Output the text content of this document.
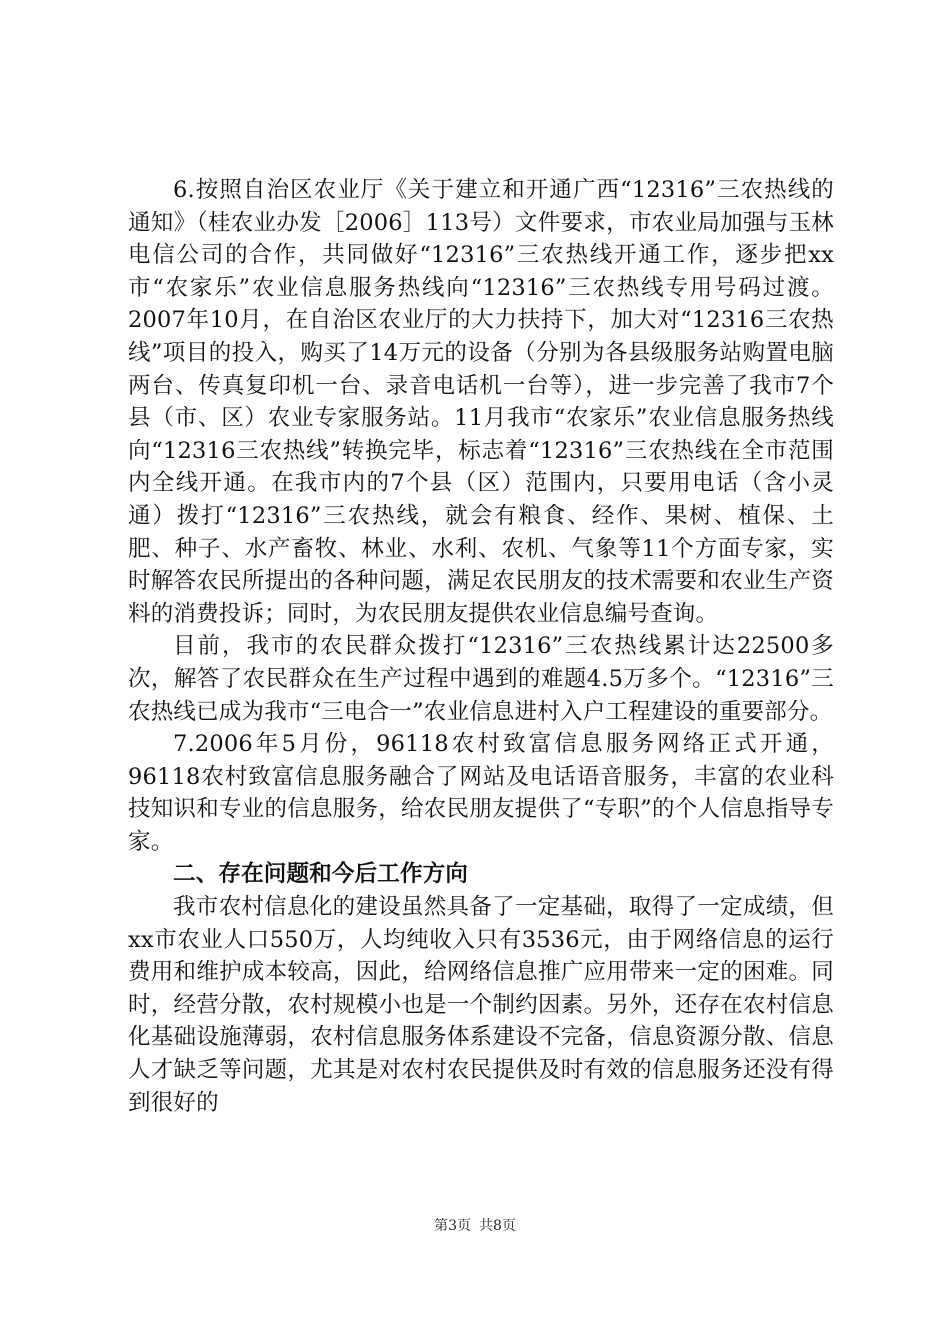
6.按照自治区农业厅《关于建立和开通广西“12316”三农热线的通知》（桂农业办发［2006］113号）文件要求，市农业局加强与玉林电信公司的合作，共同做好“12316”三农热线开通工作，逐步把xx市“农家乐”农业信息服务热线向“12316”三农热线专用号码过渡。2007年10月，在自治区农业厅的大力扶持下，加大对“12316三农热线”项目的投入，购买了14万元的设备（分别为各县级服务站购置电脑两台、传真复印机一台、录音电话机一台等），进一步完善了我市7个县（市、区）农业专家服务站。11月我市“农家乐”农业信息服务热线向“12316三农热线”转换完毕，标志着“12316”三农热线在全市范围内全线开通。在我市内的7个县（区）范围内，只要用电话（含小灵通）拨打“12316”三农热线，就会有粮食、经作、果树、植保、土肥、种子、水产畜牧、林业、水利、农机、气象等11个方面专家，实时解答农民所提出的各种问题，满足农民朋友的技术需要和农业生产资料的消费投诉；同时，为农民朋友提供农业信息编号查询。

目前，我市的农民群众拨打“12316”三农热线累计达22500多次，解答了农民群众在生产过程中遇到的难题4.5万多个。“12316”三农热线已成为我市“三电合一”农业信息进村入户工程建设的重要部分。

7.2006年5月份，96118农村致富信息服务网络正式开通，96118农村致富信息服务融合了网站及电话语音服务，丰富的农业科技知识和专业的信息服务，给农民朋友提供了“专职”的个人信息指导专家。

二、存在问题和今后工作方向

我市农村信息化的建设虽然具备了一定基础，取得了一定成绩，但xx市农业人口550万，人均纯收入只有3536元，由于网络信息的运行费用和维护成本较高，因此，给网络信息推广应用带来一定的困难。同时，经营分散，农村规模小也是一个制约因素。另外，还存在农村信息化基础设施薄弱，农村信息服务体系建设不完备，信息资源分散、信息人才缺乏等问题，尤其是对农村农民提供及时有效的信息服务还没有得到很好的

第3页 共8页
